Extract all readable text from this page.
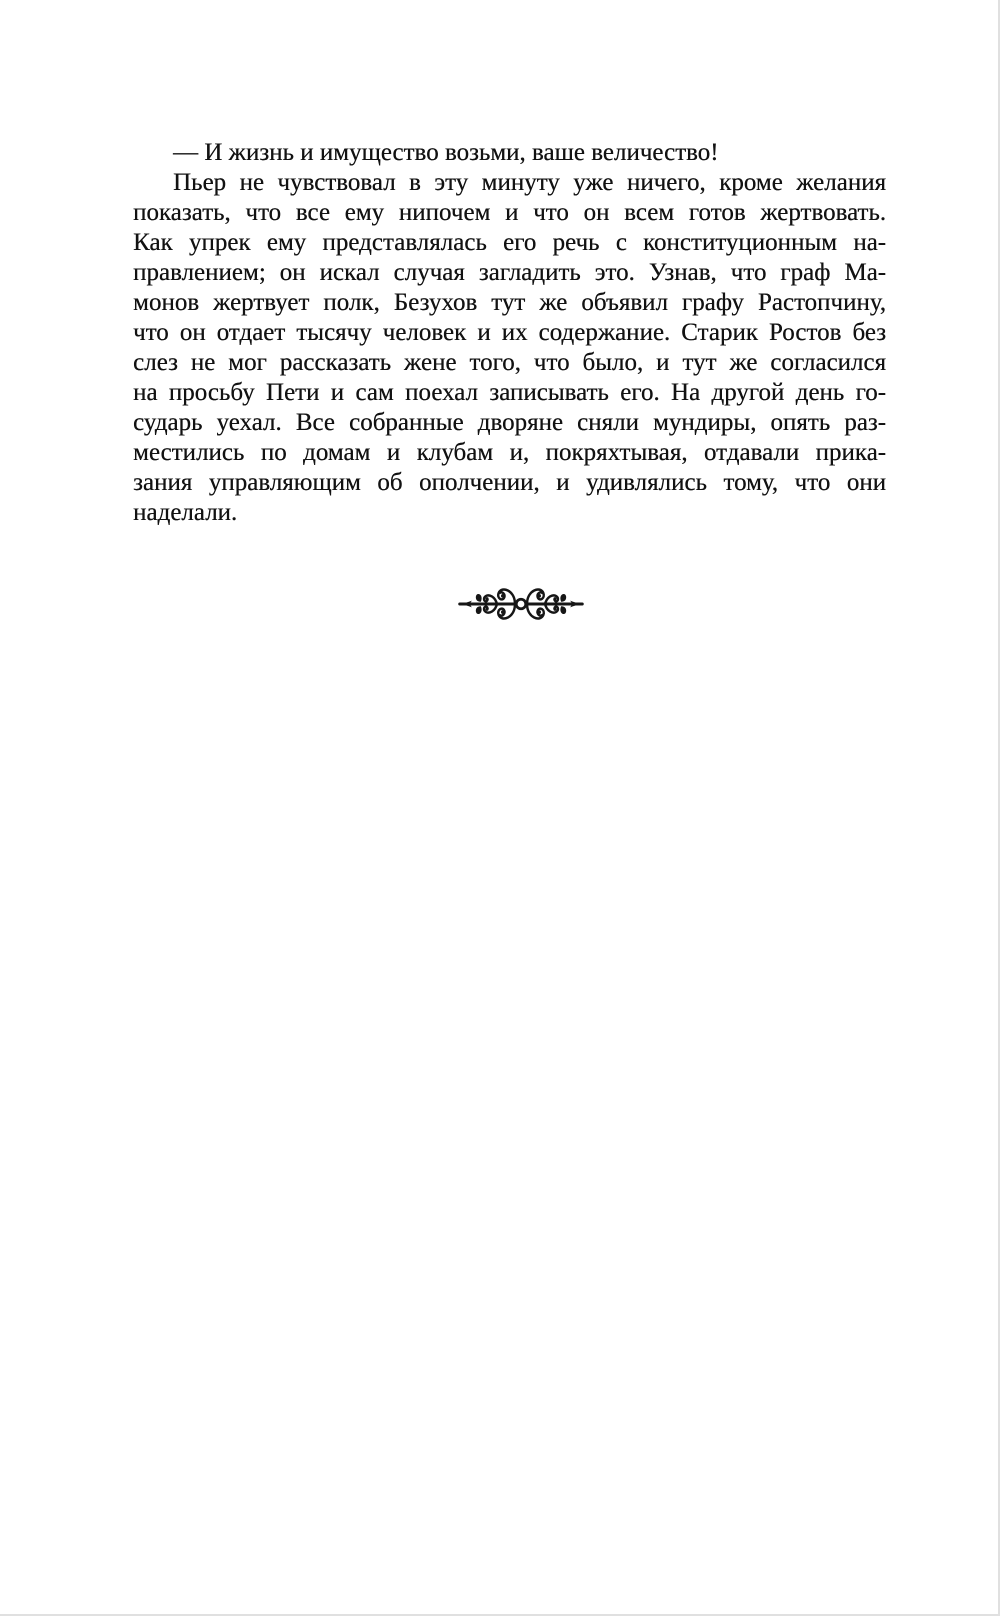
— И жизнь и имущество возьми, ваше величество!
Пьер не чувствовал в эту минуту уже ничего, кроме желания
показать, что все ему нипочем и что он всем готов жертвовать.
Как упрек ему представлялась его речь с конституционным на-
правлением; он искал случая загладить это. Узнав, что граф Ма-
монов жертвует полк, Безухов тут же объявил графу Растопчину,
что он отдает тысячу человек и их содержание. Старик Ростов без
слез не мог рассказать жене того, что было, и тут же согласился
на просьбу Пети и сам поехал записывать его. На другой день го-
сударь уехал. Все собранные дворяне сняли мундиры, опять раз-
местились по домам и клубам и, покряхтывая, отдавали прика-
зания управляющим об ополчении, и удивлялись тому, что они
наделали.
